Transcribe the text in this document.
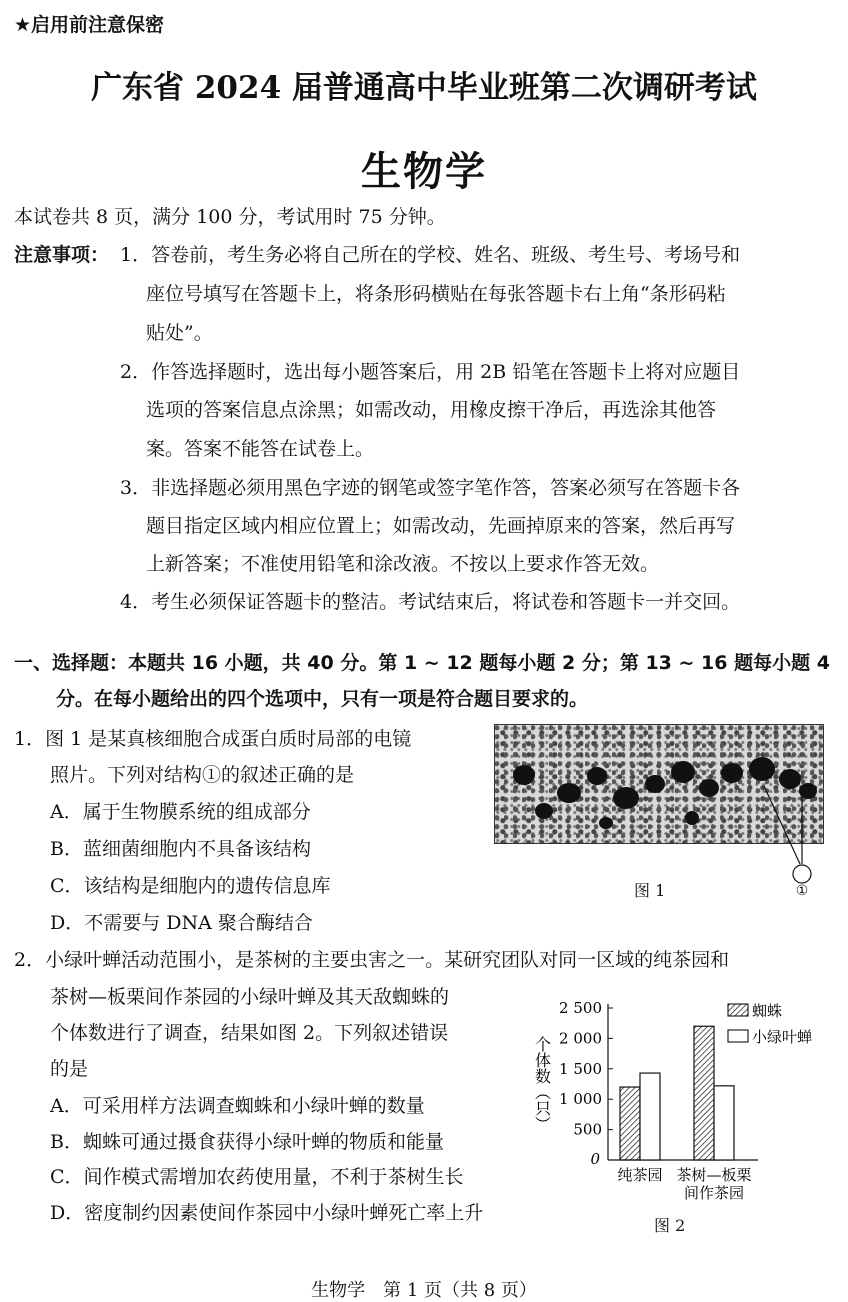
★启用前注意保密
广东省 2024 届普通高中毕业班第二次调研考试
生物学
本试卷共 8 页，满分 100 分，考试用时 75 分钟。
注意事项： 1．答卷前，考生务必将自己所在的学校、姓名、班级、考生号、考场号和
座位号填写在答题卡上，将条形码横贴在每张答题卡右上角“条形码粘
贴处”。
2．作答选择题时，选出每小题答案后，用 2B 铅笔在答题卡上将对应题目
选项的答案信息点涂黑；如需改动，用橡皮擦干净后，再选涂其他答
案。答案不能答在试卷上。
3．非选择题必须用黑色字迹的钢笔或签字笔作答，答案必须写在答题卡各
题目指定区域内相应位置上；如需改动，先画掉原来的答案，然后再写
上新答案；不准使用铅笔和涂改液。不按以上要求作答无效。
4．考生必须保证答题卡的整洁。考试结束后，将试卷和答题卡一并交回。
一、选择题：本题共 16 小题，共 40 分。第 1 ~ 12 题每小题 2 分；第 13 ~ 16 题每小题 4
分。在每小题给出的四个选项中，只有一项是符合题目要求的。
1．图 1 是某真核细胞合成蛋白质时局部的电镜
照片。下列对结构①的叙述正确的是
A．属于生物膜系统的组成部分
B．蓝细菌细胞内不具备该结构
C．该结构是细胞内的遗传信息库
D．不需要与 DNA 聚合酶结合
①
图 1
2．小绿叶蝉活动范围小，是茶树的主要虫害之一。某研究团队对同一区域的纯茶园和
茶树—板栗间作茶园的小绿叶蝉及其天敌蜘蛛的
个体数进行了调查，结果如图 2。下列叙述错误
的是
A．可采用样方法调查蜘蛛和小绿叶蝉的数量
B．蜘蛛可通过摄食获得小绿叶蝉的物质和能量
C．间作模式需增加农药使用量，不利于茶树生长
D．密度制约因素使间作茶园中小绿叶蝉死亡率上升
500
1 000
1 500
2 000
2 500
0
个体数（只）
纯茶园 茶树—板栗
间作茶园
蜘蛛
小绿叶蝉
图 2
生物学　第 1 页（共 8 页）
